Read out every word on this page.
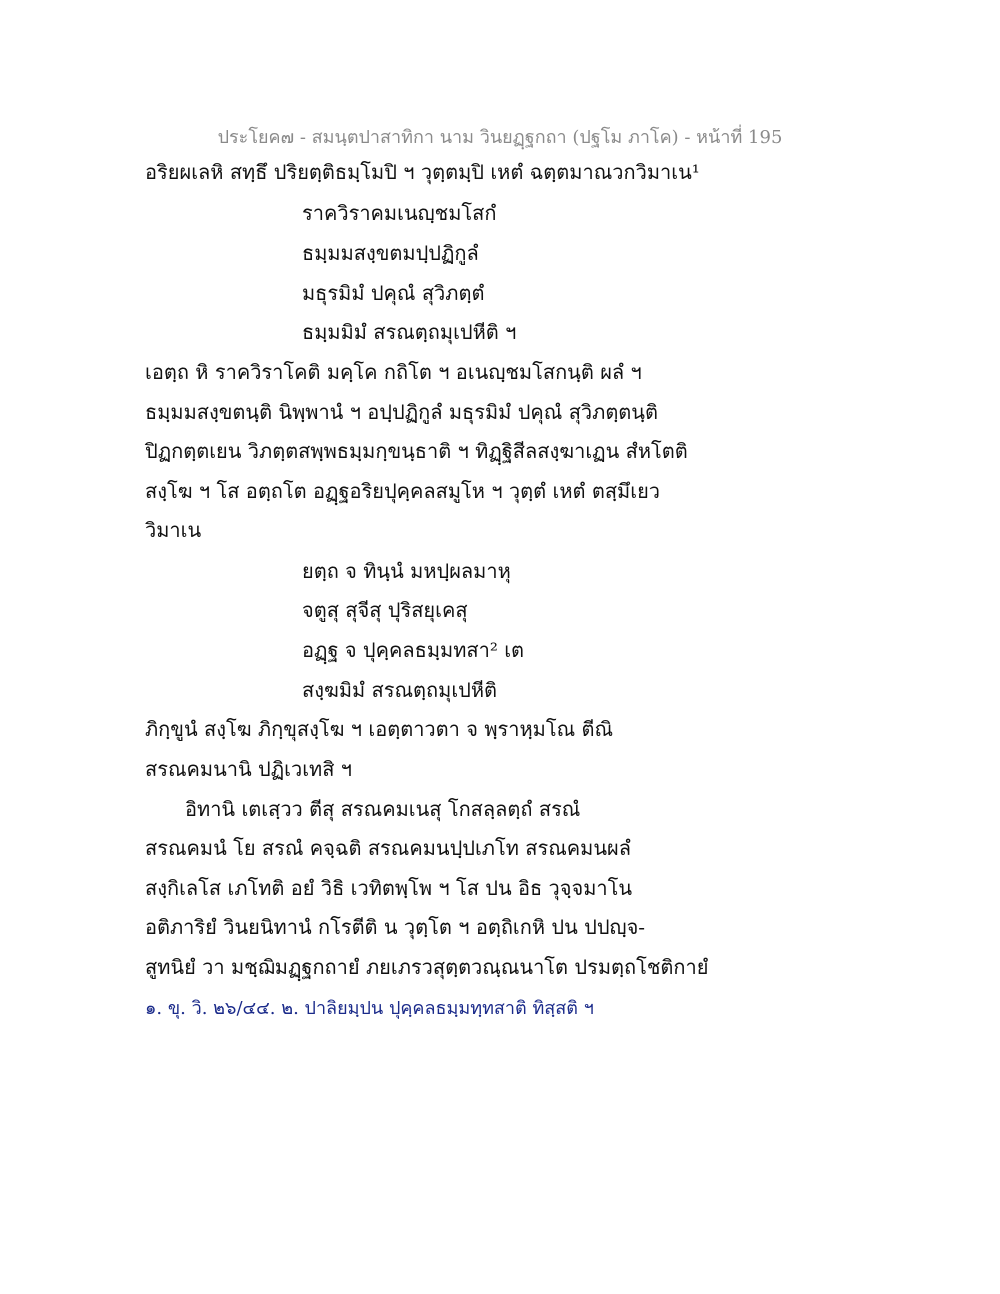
ประโยค๗ - สมนฺตปาสาทิกา นาม วินยฏฺฐกถา (ปฐโม ภาโค) - หน้าที่ 195
อริยผเลหิ สทฺธึ ปริยตฺติธมฺโมปิ ฯ วุตฺตมฺปิ เหตํ ฉตฺตมาณวกวิมาเน¹
ราควิราคมเนญฺชมโสกํ
ธมฺมมสงฺขตมปฺปฏิกูลํ
มธุรมิมํ ปคุณํ สุวิภตฺตํ
ธมฺมมิมํ สรณตฺถมุเปหีติ ฯ
เอตฺถ หิ ราควิราโคติ มคฺโค กถิโต ฯ อเนญฺชมโสกนฺติ ผลํ ฯ
ธมฺมมสงฺขตนฺติ นิพฺพานํ ฯ อปฺปฏิกูลํ มธุรมิมํ ปคุณํ สุวิภตฺตนฺติ
ปิฏกตฺตเยน วิภตฺตสพฺพธมฺมกฺขนฺธาติ ฯ ทิฏฺฐิสีลสงฺฆาเฏน สํหโตติ
สงฺโฆ ฯ โส อตฺถโต อฏฺฐอริยปุคฺคลสมูโห ฯ วุตฺตํ เหตํ ตสฺมึเยว
วิมาเน
ยตฺถ จ ทินฺนํ มหปฺผลมาหุ
จตูสุ สุจีสุ ปุริสยุเคสุ
อฏฺฐ จ ปุคฺคลธมฺมทสา² เต
สงฺฆมิมํ สรณตฺถมุเปหีติ
ภิกฺขูนํ สงฺโฆ ภิกฺขุสงฺโฆ ฯ เอตฺตาวตา จ พฺราหฺมโณ ตีณิ
สรณคมนานิ ปฏิเวเทสิ ฯ
อิทานิ เตเสฺวว ตีสุ สรณคมเนสุ โกสลฺลตฺถํ สรณํ
สรณคมนํ โย สรณํ คจฺฉติ สรณคมนปฺปเภโท สรณคมนผลํ
สงฺกิเลโส เภโทติ อยํ วิธิ เวทิตพฺโพ ฯ โส ปน อิธ วุจฺจมาโน
อติภาริยํ วินยนิทานํ กโรตีติ น วุตฺโต ฯ อตฺถิเกหิ ปน ปปญฺจ-
สูทนิยํ วา มชฺฌิมฏฺฐกถายํ ภยเภรวสุตฺตวณฺณนาโต ปรมตฺถโชติกายํ
๑. ขุ. วิ. ๒๖/๔๔. ๒. ปาลิยมฺปน ปุคฺคลธมฺมทฺทสาติ ทิสฺสติ ฯ
